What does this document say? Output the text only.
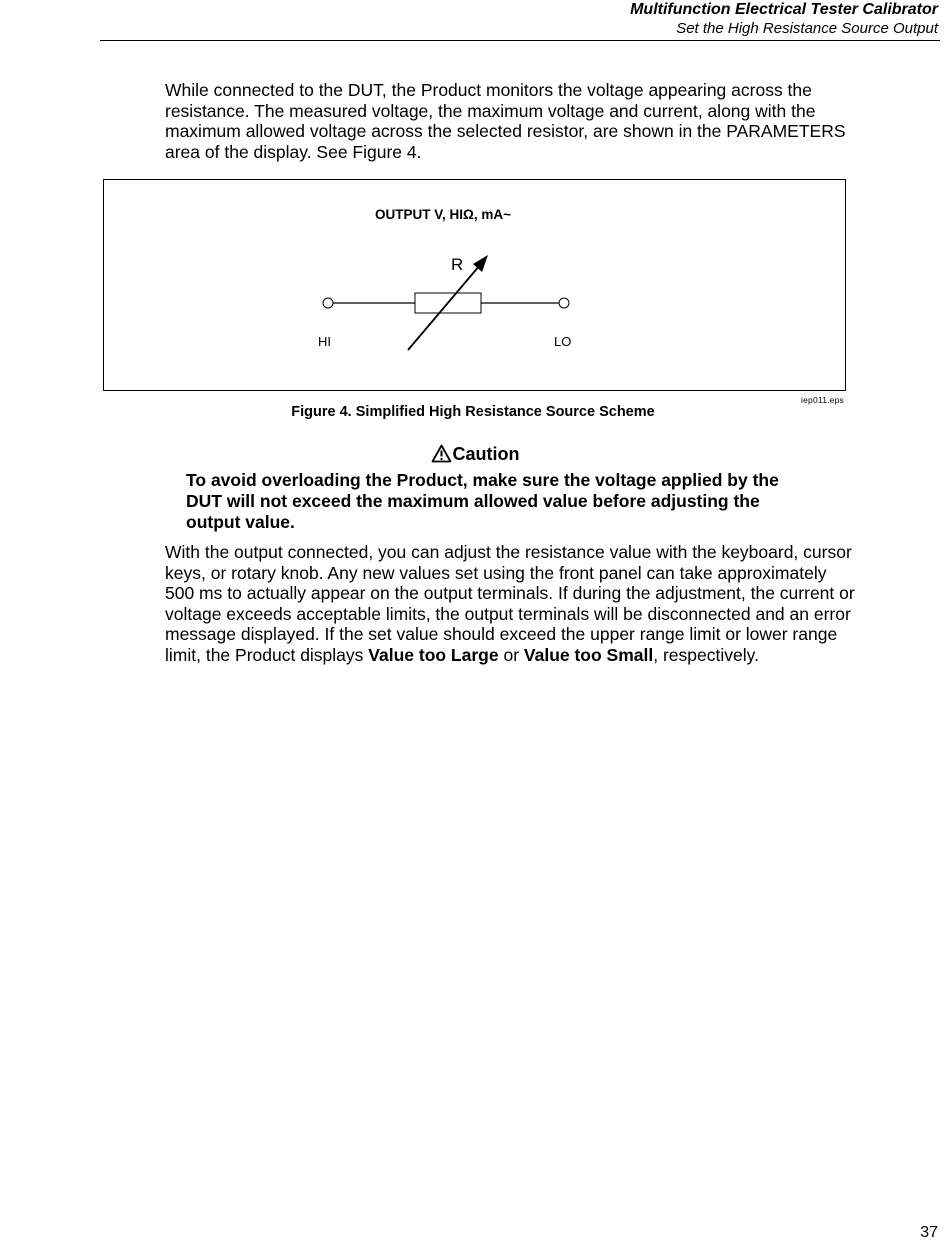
Multifunction Electrical Tester Calibrator
Set the High Resistance Source Output

While connected to the DUT, the Product monitors the voltage appearing across the resistance. The measured voltage, the maximum voltage and current, along with the maximum allowed voltage across the selected resistor, are shown in the PARAMETERS area of the display. See Figure 4.

OUTPUT V, HIΩ, mA~
R
HI	LO
iep011.eps
Figure 4. Simplified High Resistance Source Scheme
Caution

To avoid overloading the Product, make sure the voltage applied by the DUT will not exceed the maximum allowed value before adjusting the output value.

With the output connected, you can adjust the resistance value with the keyboard, cursor keys, or rotary knob. Any new values set using the front panel can take approximately 500 ms to actually appear on the output terminals. If during the adjustment, the current or voltage exceeds acceptable limits, the output terminals will be disconnected and an error message displayed. If the set value should exceed the upper range limit or lower range limit, the Product displays Value too Large or Value too Small, respectively.

37
